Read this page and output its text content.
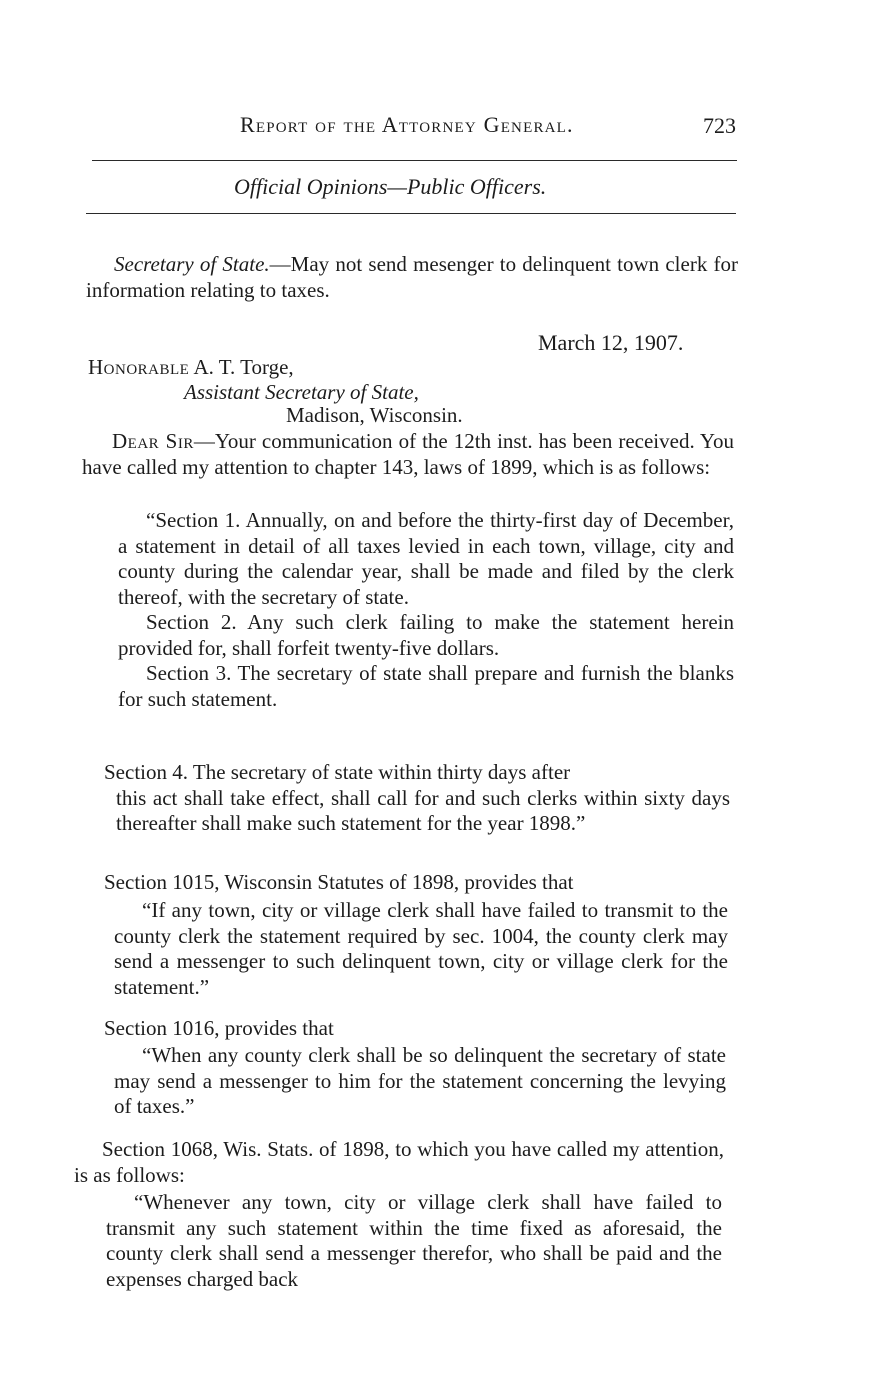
Report of the Attorney General.	723
Official Opinions—Public Officers.
Secretary of State.—May not send mesenger to delinquent town clerk for information relating to taxes.
March 12, 1907.
Honorable A. T. Torge,
Assistant Secretary of State,
Madison, Wisconsin.
Dear Sir—Your communication of the 12th inst. has been received. You have called my attention to chapter 143, laws of 1899, which is as follows:

“Section 1. Annually, on and before the thirty-first day of December, a statement in detail of all taxes levied in each town, village, city and county during the calendar year, shall be made and filed by the clerk thereof, with the secretary of state.

Section 2. Any such clerk failing to make the statement herein provided for, shall forfeit twenty-five dollars.

Section 3. The secretary of state shall prepare and furnish the blanks for such statement.

Section 4. The secretary of state within thirty days after
this act shall take effect, shall call for and such clerks within sixty days thereafter shall make such statement for the year 1898.”
Section 1015, Wisconsin Statutes of 1898, provides that
“If any town, city or village clerk shall have failed to transmit to the county clerk the statement required by sec. 1004, the county clerk may send a messenger to such delinquent town, city or village clerk for the statement.”
Section 1016, provides that
“When any county clerk shall be so delinquent the secretary of state may send a messenger to him for the statement concerning the levying of taxes.”
Section 1068, Wis. Stats. of 1898, to which you have called my attention, is as follows:
“Whenever any town, city or village clerk shall have failed to transmit any such statement within the time fixed as aforesaid, the county clerk shall send a messenger therefor, who shall be paid and the expenses charged back
